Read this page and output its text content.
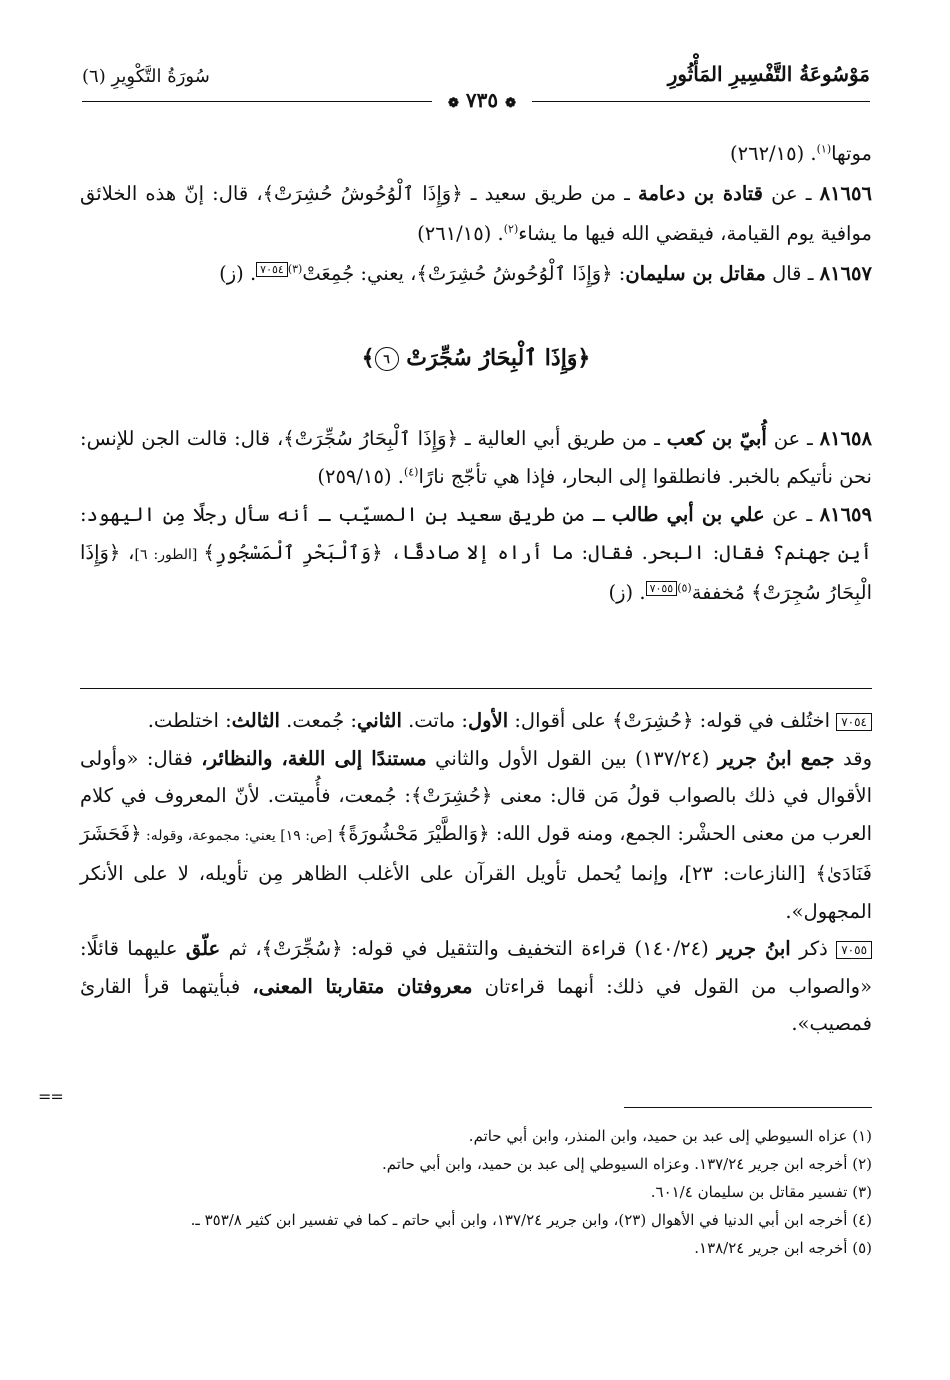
مَوْسُوعَةُ التَّفْسِيرِ المَأْثُورِ
سُورَةُ التَّكْوِيرِ (٦)
❁ ٧٣٥ ❁
موتها$^{(١)}$. (٢٦٢/١٥)
٨١٦٥٦ ـ عن قتادة بن دعامة ـ من طريق سعيد ـ ﴿وَإِذَا ٱلْوُحُوشُ حُشِرَتْ﴾، قال: إنّ هذه الخلائق موافية يوم القيامة، فيقضي الله فيها ما يشاء$^{(٢)}$. (٢٦١/١٥)
٨١٦٥٧ ـ قال مقاتل بن سليمان: ﴿وَإِذَا ٱلْوُحُوشُ حُشِرَتْ﴾، يعني: جُمِعَتْ$^{(٣)}$٧٠٥٤. (ز)
﴿وَإِذَا ٱلْبِحَارُ سُجِّرَتْ ٦﴾
٨١٦٥٨ ـ عن أُبيّ بن كعب ـ من طريق أبي العالية ـ ﴿وَإِذَا ٱلْبِحَارُ سُجِّرَتْ﴾، قال: قالت الجن للإنس: نحن نأتيكم بالخبر. فانطلقوا إلى البحار، فإذا هي تأجّج نارًا$^{(٤)}$. (٢٥٩/١٥)
٨١٦٥٩ ـ عن علي بن أبي طالب ـ من طريق سعيد بن المسيّب ـ أنه سأل رجلًا مِن اليهود: أين جهنم؟ فقال: البحر. فقال: ما أراه إلا صادقًا، ﴿وَٱلْبَحْرِ ٱلْمَسْجُورِ﴾ [الطور: ٦]، ﴿وَإِذَا الْبِحَارُ سُجِرَتْ﴾ مُخففة$^{(٥)}$٧٠٥٥. (ز)
٧٠٥٤ اختُلف في قوله: ﴿حُشِرَتْ﴾ على أقوال: الأول: ماتت. الثاني: جُمعت. الثالث: اختلطت.
وقد جمع ابنُ جرير (١٣٧/٢٤) بين القول الأول والثاني مستندًا إلى اللغة، والنظائر، فقال: «وأولى الأقوال في ذلك بالصواب قولُ مَن قال: معنى ﴿حُشِرَتْ﴾: جُمعت، فأُميتت. لأنّ المعروف في كلام العرب من معنى الحشْر: الجمع، ومنه قول الله: ﴿وَالطَّيْرَ مَحْشُورَةً﴾ [ص: ١٩] يعني: مجموعة، وقوله: ﴿فَحَشَرَ فَنَادَىٰ﴾ [النازعات: ٢٣]، وإنما يُحمل تأويل القرآن على الأغلب الظاهر مِن تأويله، لا على الأنكر المجهول».
٧٠٥٥ ذكر ابنُ جرير (١٤٠/٢٤) قراءة التخفيف والتثقيل في قوله: ﴿سُجِّرَتْ﴾، ثم علّق عليهما قائلًا: «والصواب من القول في ذلك: أنهما قراءتان معروفتان متقاربتا المعنى، فبأيتهما قرأ القارئ فمصيب».
==
(١) عزاه السيوطي إلى عبد بن حميد، وابن المنذر، وابن أبي حاتم.
(٢) أخرجه ابن جرير ١٣٧/٢٤. وعزاه السيوطي إلى عبد بن حميد، وابن أبي حاتم.
(٣) تفسير مقاتل بن سليمان ٦٠١/٤.
(٤) أخرجه ابن أبي الدنيا في الأهوال (٢٣)، وابن جرير ١٣٧/٢٤، وابن أبي حاتم ـ كما في تفسير ابن كثير ٣٥٣/٨ ـ.
(٥) أخرجه ابن جرير ١٣٨/٢٤.
